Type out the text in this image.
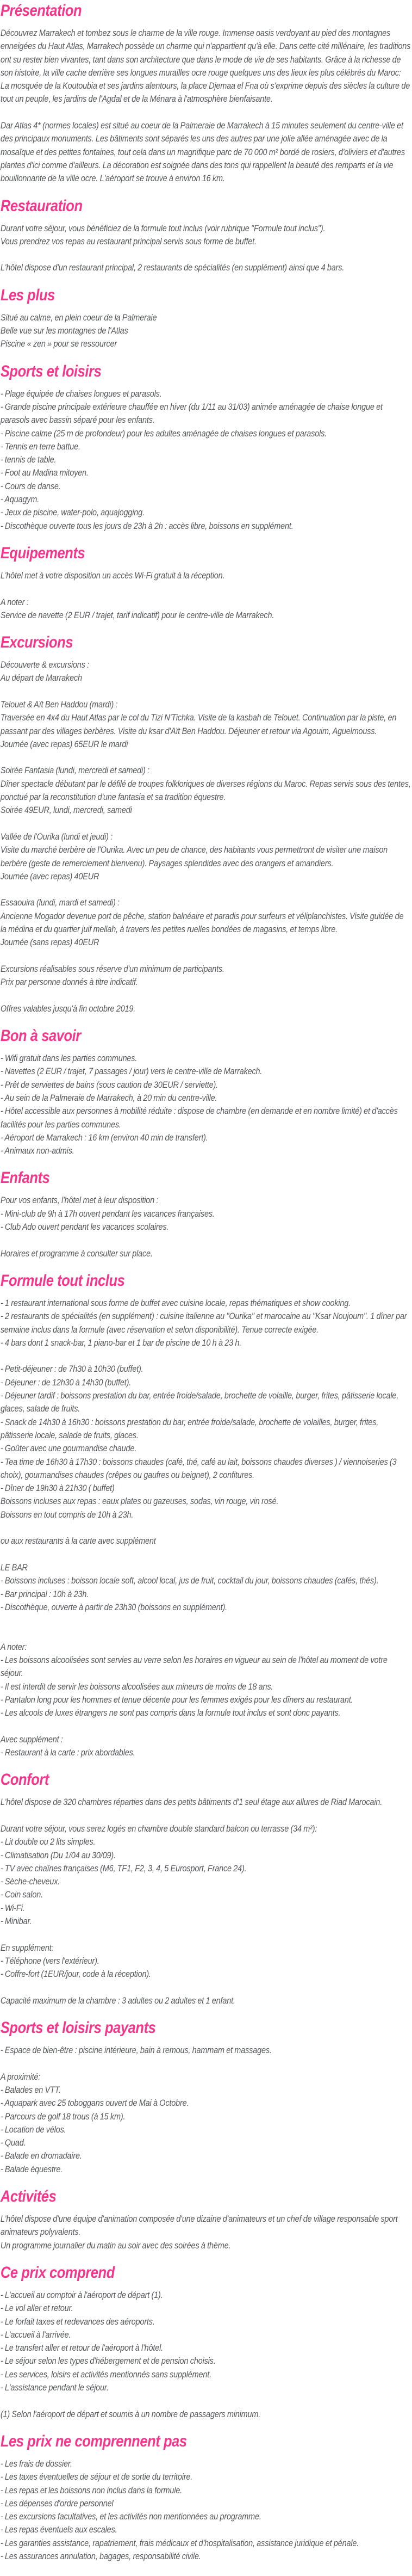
Présentation

Découvrez Marrakech et tombez sous le charme de la ville rouge. Immense oasis verdoyant au pied des montagnes enneigées du Haut Atlas, Marrakech possède un charme qui n'appartient qu'à elle. Dans cette cité millénaire, les traditions ont su rester bien vivantes, tant dans son architecture que dans le mode de vie de ses habitants. Grâce à la richesse de son histoire, la ville cache derrière ses longues murailles ocre rouge quelques uns des lieux les plus célébrés du Maroc: La mosquée de la Koutoubia et ses jardins alentours, la place Djemaa el Fna où s'exprime depuis des siècles la culture de tout un peuple, les jardins de l'Agdal et de la Ménara à l'atmosphère bienfaisante.

Dar Atlas 4* (normes locales) est situé au coeur de la Palmeraie de Marrakech à 15 minutes seulement du centre-ville et des principaux monuments. Les bâtiments sont séparés les uns des autres par une jolie allée aménagée avec de la mosaïque et des petites fontaines, tout cela dans un magnifique parc de 70 000 m² bordé de rosiers, d'oliviers et d'autres plantes d'ici comme d'ailleurs. La décoration est soignée dans des tons qui rappellent la beauté des remparts et la vie bouillonnante de la ville ocre. L'aéroport se trouve à environ 16 km.

Restauration

Durant votre séjour, vous bénéficiez de la formule tout inclus (voir rubrique "Formule tout inclus").

Vous prendrez vos repas au restaurant principal servis sous forme de buffet.

L'hôtel dispose d'un restaurant principal, 2 restaurants de spécialités (en supplément) ainsi que 4 bars.

Les plus

Situé au calme, en plein coeur de la Palmeraie

Belle vue sur les montagnes de l'Atlas

Piscine « zen » pour se ressourcer

Sports et loisirs

- Plage équipée de chaises longues et parasols.

- Grande piscine principale extérieure chauffée en hiver (du 1/11 au 31/03) animée aménagée de chaise longue et parasols avec bassin séparé pour les enfants.

- Piscine calme (25 m de profondeur) pour les adultes aménagée de chaises longues et parasols.

- Tennis en terre battue.

- tennis de table.

- Foot au Madina mitoyen.

- Cours de danse.

- Aquagym.

- Jeux de piscine, water-polo, aquajogging.

- Discothèque ouverte tous les jours de 23h à 2h : accès libre, boissons en supplément.

Equipements

L'hôtel met à votre disposition un accès Wi-Fi gratuit à la réception.

A noter :

Service de navette (2 EUR / trajet, tarif indicatif) pour le centre-ville de Marrakech.

Excursions

Découverte & excursions :

Au départ de Marrakech

Telouet & Aït Ben Haddou (mardi) :

Traversée en 4x4 du Haut Atlas par le col du Tizi N'Tichka. Visite de la kasbah de Telouet. Continuation par la piste, en passant par des villages berbères. Visite du ksar d'Aït Ben Haddou. Déjeuner et retour via Agouim, Aguelmouss.

Journée (avec repas) 65EUR le mardi

Soirée Fantasia (lundi, mercredi et samedi) :

Dîner spectacle débutant par le défilé de troupes folkloriques de diverses régions du Maroc. Repas servis sous des tentes, ponctué par la reconstitution d'une fantasia et sa tradition équestre.

Soirée 49EUR, lundi, mercredi, samedi

Vallée de l'Ourika (lundi et jeudi) :

Visite du marché berbère de l'Ourika. Avec un peu de chance, des habitants vous permettront de visiter une maison berbère (geste de remerciement bienvenu). Paysages splendides avec des orangers et amandiers.

Journée (avec repas) 40EUR

Essaouira (lundi, mardi et samedi) :

Ancienne Mogador devenue port de pêche, station balnéaire et paradis pour surfeurs et véliplanchistes. Visite guidée de la médina et du quartier juif mellah, à travers les petites ruelles bondées de magasins, et temps libre.

Journée (sans repas) 40EUR

Excursions réalisables sous réserve d'un minimum de participants.

Prix par personne donnés à titre indicatif.

Offres valables jusqu'à fin octobre 2019.

Bon à savoir

- Wifi gratuit dans les parties communes.

- Navettes (2 EUR / trajet, 7 passages / jour) vers le centre-ville de Marrakech.

- Prêt de serviettes de bains (sous caution de 30EUR / serviette).

- Au sein de la Palmeraie de Marrakech, à 20 min du centre-ville.

- Hôtel accessible aux personnes à mobilité réduite : dispose de chambre (en demande et en nombre limité) et d'accès facilités pour les parties communes.

- Aéroport de Marrakech : 16 km (environ 40 min de transfert).

- Animaux non-admis.

Enfants

Pour vos enfants, l'hôtel met à leur disposition :

- Mini-club de 9h à 17h ouvert pendant les vacances françaises.

- Club Ado ouvert pendant les vacances scolaires.

Horaires et programme à consulter sur place.

Formule tout inclus

- 1 restaurant international sous forme de buffet avec cuisine locale, repas thématiques et show cooking.

- 2 restaurants de spécialités (en supplément) : cuisine italienne au "Ourika" et marocaine au "Ksar Noujoum". 1 dîner par semaine inclus dans la formule (avec réservation et selon disponibilité). Tenue correcte exigée.

- 4 bars dont 1 snack-bar, 1 piano-bar et 1 bar de piscine de 10 h à 23 h.

- Petit-déjeuner : de 7h30 à 10h30 (buffet).

- Déjeuner : de 12h30 à 14h30 (buffet).

- Déjeuner tardif : boissons prestation du bar, entrée froide/salade, brochette de volaille, burger, frites, pâtisserie locale, glaces, salade de fruits.

- Snack de 14h30 à 16h30 : boissons prestation du bar, entrée froide/salade, brochette de volailles, burger, frites, pâtisserie locale, salade de fruits, glaces.

- Goûter avec une gourmandise chaude.

- Tea time de 16h30 à 17h30 : boissons chaudes (café, thé, café au lait, boissons chaudes diverses ) / viennoiseries (3 choix), gourmandises chaudes (crêpes ou gaufres ou beignet), 2 confitures.

- Dîner de 19h30 à 21h30 ( buffet)

Boissons incluses aux repas : eaux plates ou gazeuses, sodas, vin rouge, vin rosé.

Boissons en tout compris de 10h à 23h.

ou aux restaurants à la carte avec supplément

LE BAR

- Boissons incluses : boisson locale soft, alcool local, jus de fruit, cocktail du jour, boissons chaudes (cafés, thés).

- Bar principal : 10h à 23h.

- Discothèque, ouverte à partir de 23h30 (boissons en supplément).

A noter:

- Les boissons alcoolisées sont servies au verre selon les horaires en vigueur au sein de l'hôtel au moment de votre séjour.

- Il est interdit de servir les boissons alcoolisées aux mineurs de moins de 18 ans.

- Pantalon long pour les hommes et tenue décente pour les femmes exigés pour les dîners au restaurant.

- Les alcools de luxes étrangers ne sont pas compris dans la formule tout inclus et sont donc payants.

Avec supplément :

- Restaurant à la carte : prix abordables.

Confort

L'hôtel dispose de 320 chambres réparties dans des petits bâtiments d'1 seul étage aux allures de Riad Marocain.

Durant votre séjour, vous serez logés en chambre double standard balcon ou terrasse (34 m²):

- Lit double ou 2 lits simples.

- Climatisation (Du 1/04 au 30/09).

- TV avec chaînes françaises (M6, TF1, F2, 3, 4, 5 Eurosport, France 24).

- Sèche-cheveux.

- Coin salon.

- Wi-Fi.

- Minibar.

En supplément:

- Téléphone (vers l'extérieur).

- Coffre-fort (1EUR/jour, code à la réception).

Capacité maximum de la chambre : 3 adultes ou 2 adultes et 1 enfant.

Sports et loisirs payants

- Espace de bien-être : piscine intérieure, bain à remous, hammam et massages.

A proximité:

- Balades en VTT.

- Aquapark avec 25 toboggans ouvert de Mai à Octobre.

- Parcours de golf 18 trous (à 15 km).

- Location de vélos.

- Quad.

- Balade en dromadaire.

- Balade équestre.

Activités

L'hôtel dispose d'une équipe d'animation composée d'une dizaine d'animateurs et un chef de village responsable sport animateurs polyvalents.

Un programme journalier du matin au soir avec des soirées à thème.

Ce prix comprend

- L'accueil au comptoir à l'aéroport de départ (1).

- Le vol aller et retour.

- Le forfait taxes et redevances des aéroports.

- L'accueil à l'arrivée.

- Le transfert aller et retour de l'aéroport à l'hôtel.

- Le séjour selon les types d'hébergement et de pension choisis.

- Les services, loisirs et activités mentionnés sans supplément.

- L'assistance pendant le séjour.

(1) Selon l'aéroport de départ et soumis à un nombre de passagers minimum.

Les prix ne comprennent pas

- Les frais de dossier.

- Les taxes éventuelles de séjour et de sortie du territoire.

- Les repas et les boissons non inclus dans la formule.

- Les dépenses d'ordre personnel

- Les excursions facultatives, et les activités non mentionnées au programme.

- Les repas éventuels aux escales.

- Les garanties assistance, rapatriement, frais médicaux et d'hospitalisation, assistance juridique et pénale.

- Les assurances annulation, bagages, responsabilité civile.
